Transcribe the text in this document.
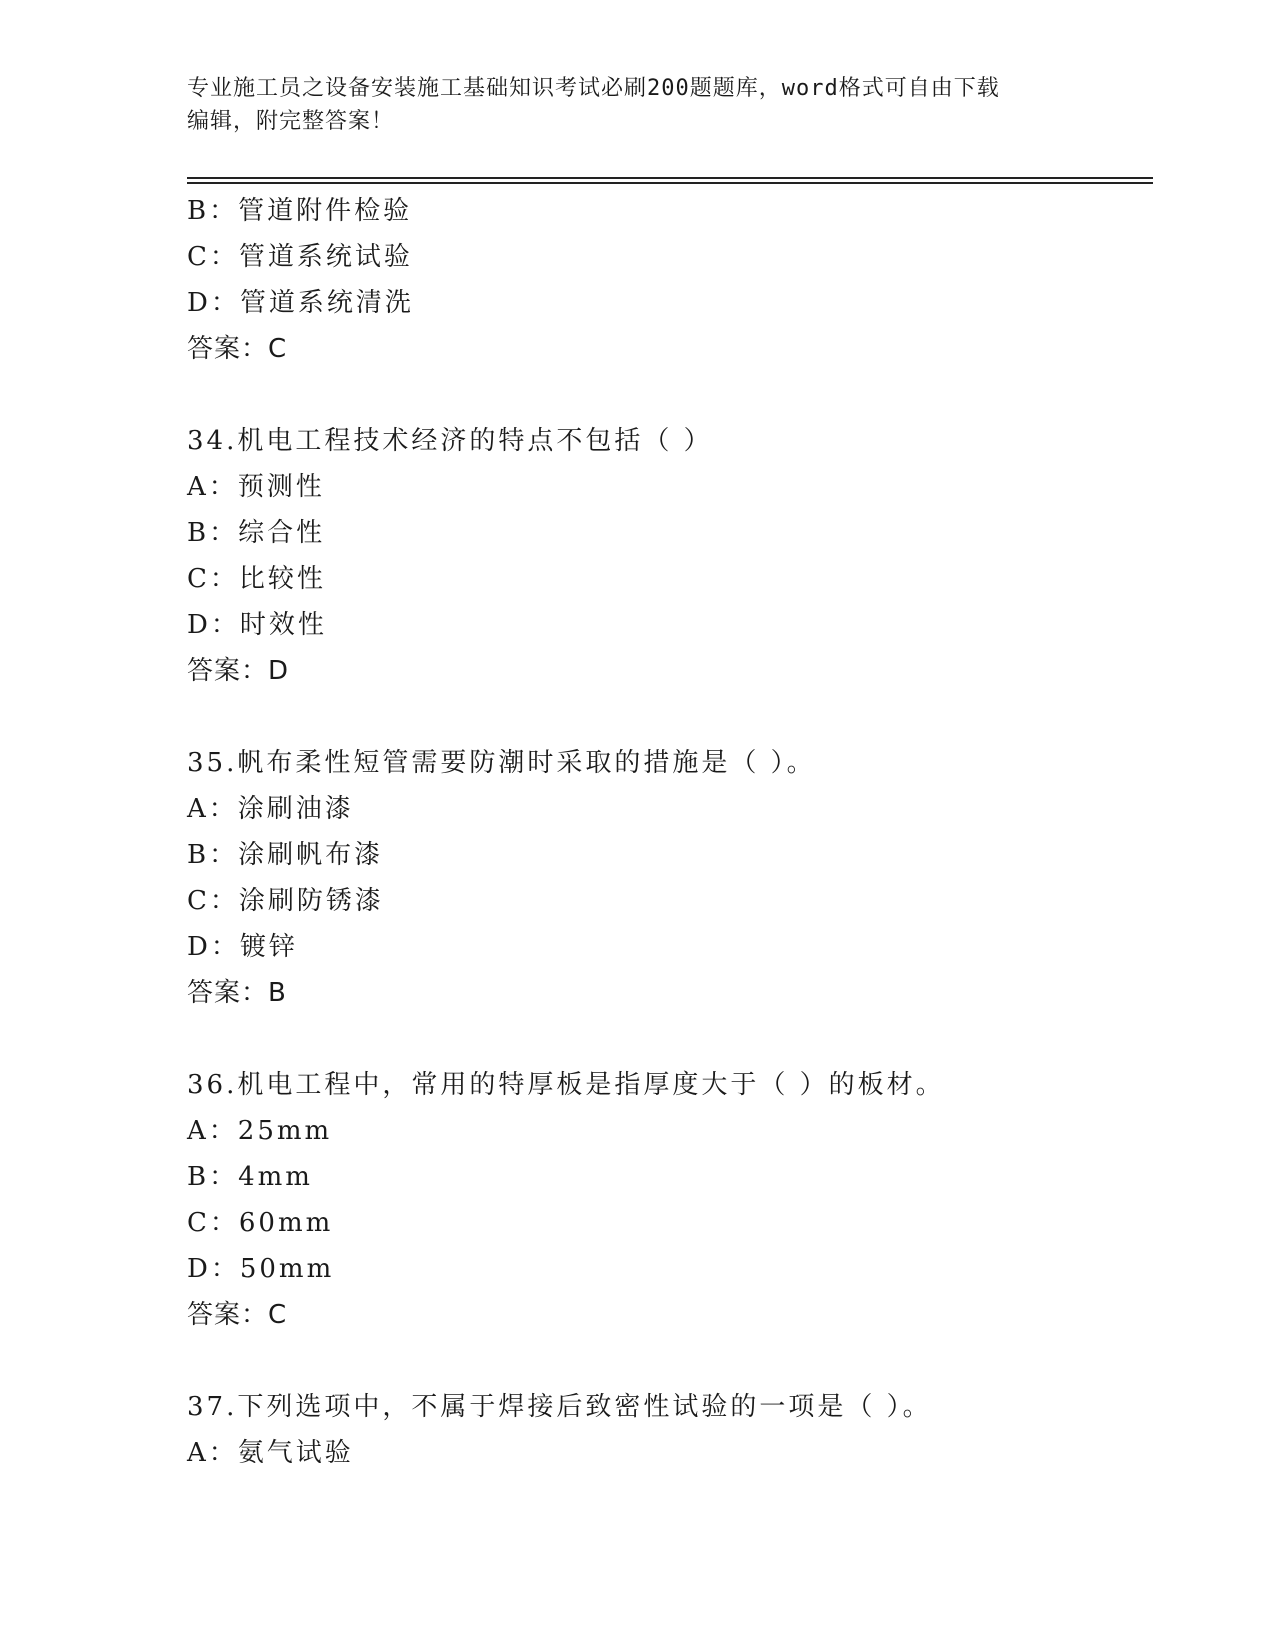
专业施工员之设备安装施工基础知识考试必刷200题题库，word格式可自由下载
编辑，附完整答案！
B：管道附件检验
C：管道系统试验
D：管道系统清洗
答案：C
34.机电工程技术经济的特点不包括（ ）
A：预测性
B：综合性
C：比较性
D：时效性
答案：D
35.帆布柔性短管需要防潮时采取的措施是（ ）。
A：涂刷油漆
B：涂刷帆布漆
C：涂刷防锈漆
D：镀锌
答案：B
36.机电工程中，常用的特厚板是指厚度大于（ ）的板材。
A：25mm
B：4mm
C：60mm
D：50mm
答案：C
37.下列选项中，不属于焊接后致密性试验的一项是（ ）。
A：氨气试验
